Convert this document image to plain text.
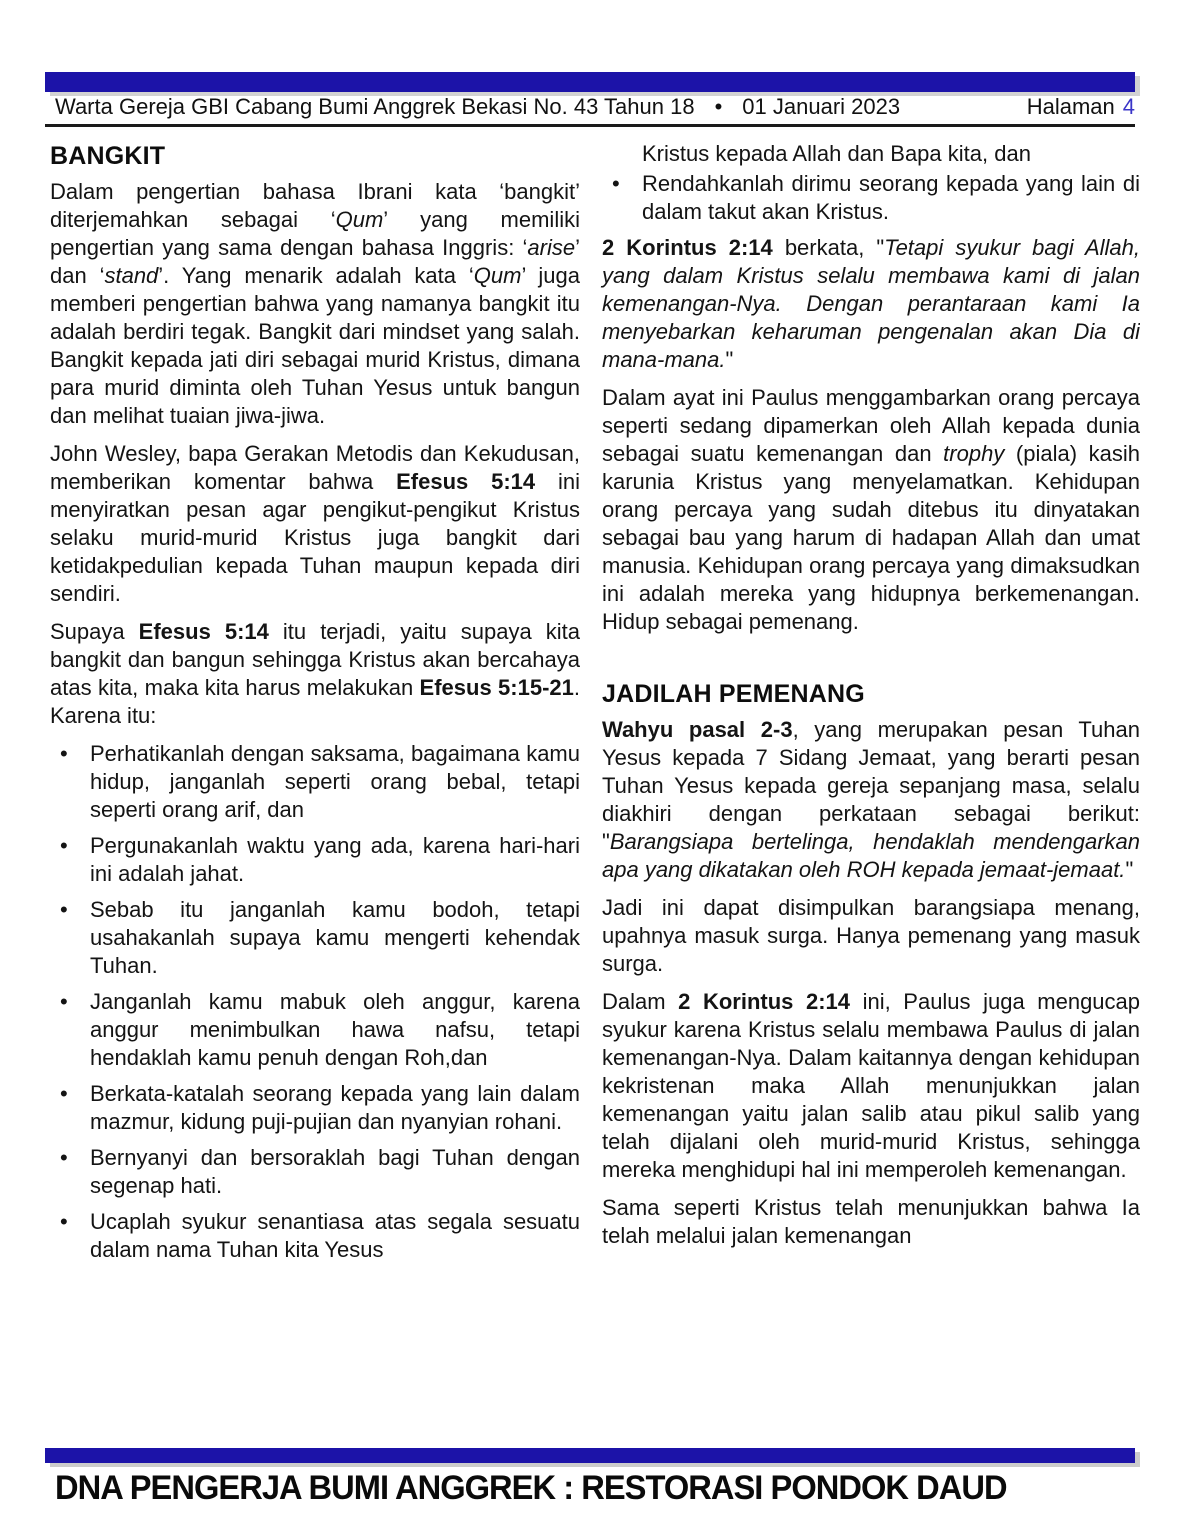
Warta Gereja GBI Cabang Bumi Anggrek Bekasi No. 43 Tahun 18 • 01 Januari 2023	Halaman 4
BANGKIT

Dalam pengertian bahasa Ibrani kata ‘bangkit’ diterjemahkan sebagai ‘Qum’ yang memiliki pengertian yang sama dengan bahasa Inggris: ‘arise’ dan ‘stand’. Yang menarik adalah kata ‘Qum’ juga memberi pengertian bahwa yang namanya bangkit itu adalah berdiri tegak. Bangkit dari mindset yang salah. Bangkit kepada jati diri sebagai murid Kristus, dimana para murid diminta oleh Tuhan Yesus untuk bangun dan melihat tuaian jiwa-jiwa.

John Wesley, bapa Gerakan Metodis dan Kekudusan, memberikan komentar bahwa Efesus 5:14 ini menyiratkan pesan agar pengikut-pengikut Kristus selaku murid-murid Kristus juga bangkit dari ketidakpedulian kepada Tuhan maupun kepada diri sendiri.

Supaya Efesus 5:14 itu terjadi, yaitu supaya kita bangkit dan bangun sehingga Kristus akan bercahaya atas kita, maka kita harus melakukan Efesus 5:15-21. Karena itu:

• Perhatikanlah dengan saksama, bagaimana kamu hidup, janganlah seperti orang bebal, tetapi seperti orang arif, dan
• Pergunakanlah waktu yang ada, karena hari-hari ini adalah jahat.
• Sebab itu janganlah kamu bodoh, tetapi usahakanlah supaya kamu mengerti kehendak Tuhan.
• Janganlah kamu mabuk oleh anggur, karena anggur menimbulkan hawa nafsu, tetapi hendaklah kamu penuh dengan Roh,dan
• Berkata-katalah seorang kepada yang lain dalam mazmur, kidung puji-pujian dan nyanyian rohani.
• Bernyanyi dan bersoraklah bagi Tuhan dengan segenap hati.
• Ucaplah syukur senantiasa atas segala sesuatu dalam nama Tuhan kita Yesus
Kristus kepada Allah dan Bapa kita, dan
• Rendahkanlah dirimu seorang kepada yang lain di dalam takut akan Kristus.

2 Korintus 2:14 berkata, "Tetapi syukur bagi Allah, yang dalam Kristus selalu membawa kami di jalan kemenangan-Nya. Dengan perantaraan kami Ia menyebarkan keharuman pengenalan akan Dia di mana-mana."

Dalam ayat ini Paulus menggambarkan orang percaya seperti sedang dipamerkan oleh Allah kepada dunia sebagai suatu kemenangan dan trophy (piala) kasih karunia Kristus yang menyelamatkan. Kehidupan orang percaya yang sudah ditebus itu dinyatakan sebagai bau yang harum di hadapan Allah dan umat manusia. Kehidupan orang percaya yang dimaksudkan ini adalah mereka yang hidupnya berkemenangan. Hidup sebagai pemenang.

JADILAH PEMENANG

Wahyu pasal 2-3, yang merupakan pesan Tuhan Yesus kepada 7 Sidang Jemaat, yang berarti pesan Tuhan Yesus kepada gereja sepanjang masa, selalu diakhiri dengan perkataan sebagai berikut: "Barangsiapa bertelinga, hendaklah mendengarkan apa yang dikatakan oleh ROH kepada jemaat-jemaat."

Jadi ini dapat disimpulkan barangsiapa menang, upahnya masuk surga. Hanya pemenang yang masuk surga.

Dalam 2 Korintus 2:14 ini, Paulus juga mengucap syukur karena Kristus selalu membawa Paulus di jalan kemenangan-Nya. Dalam kaitannya dengan kehidupan kekristenan maka Allah menunjukkan jalan kemenangan yaitu jalan salib atau pikul salib yang telah dijalani oleh murid-murid Kristus, sehingga mereka menghidupi hal ini memperoleh kemenangan.

Sama seperti Kristus telah menunjukkan bahwa Ia telah melalui jalan kemenangan

DNA PENGERJA BUMI ANGGREK : RESTORASI PONDOK DAUD
